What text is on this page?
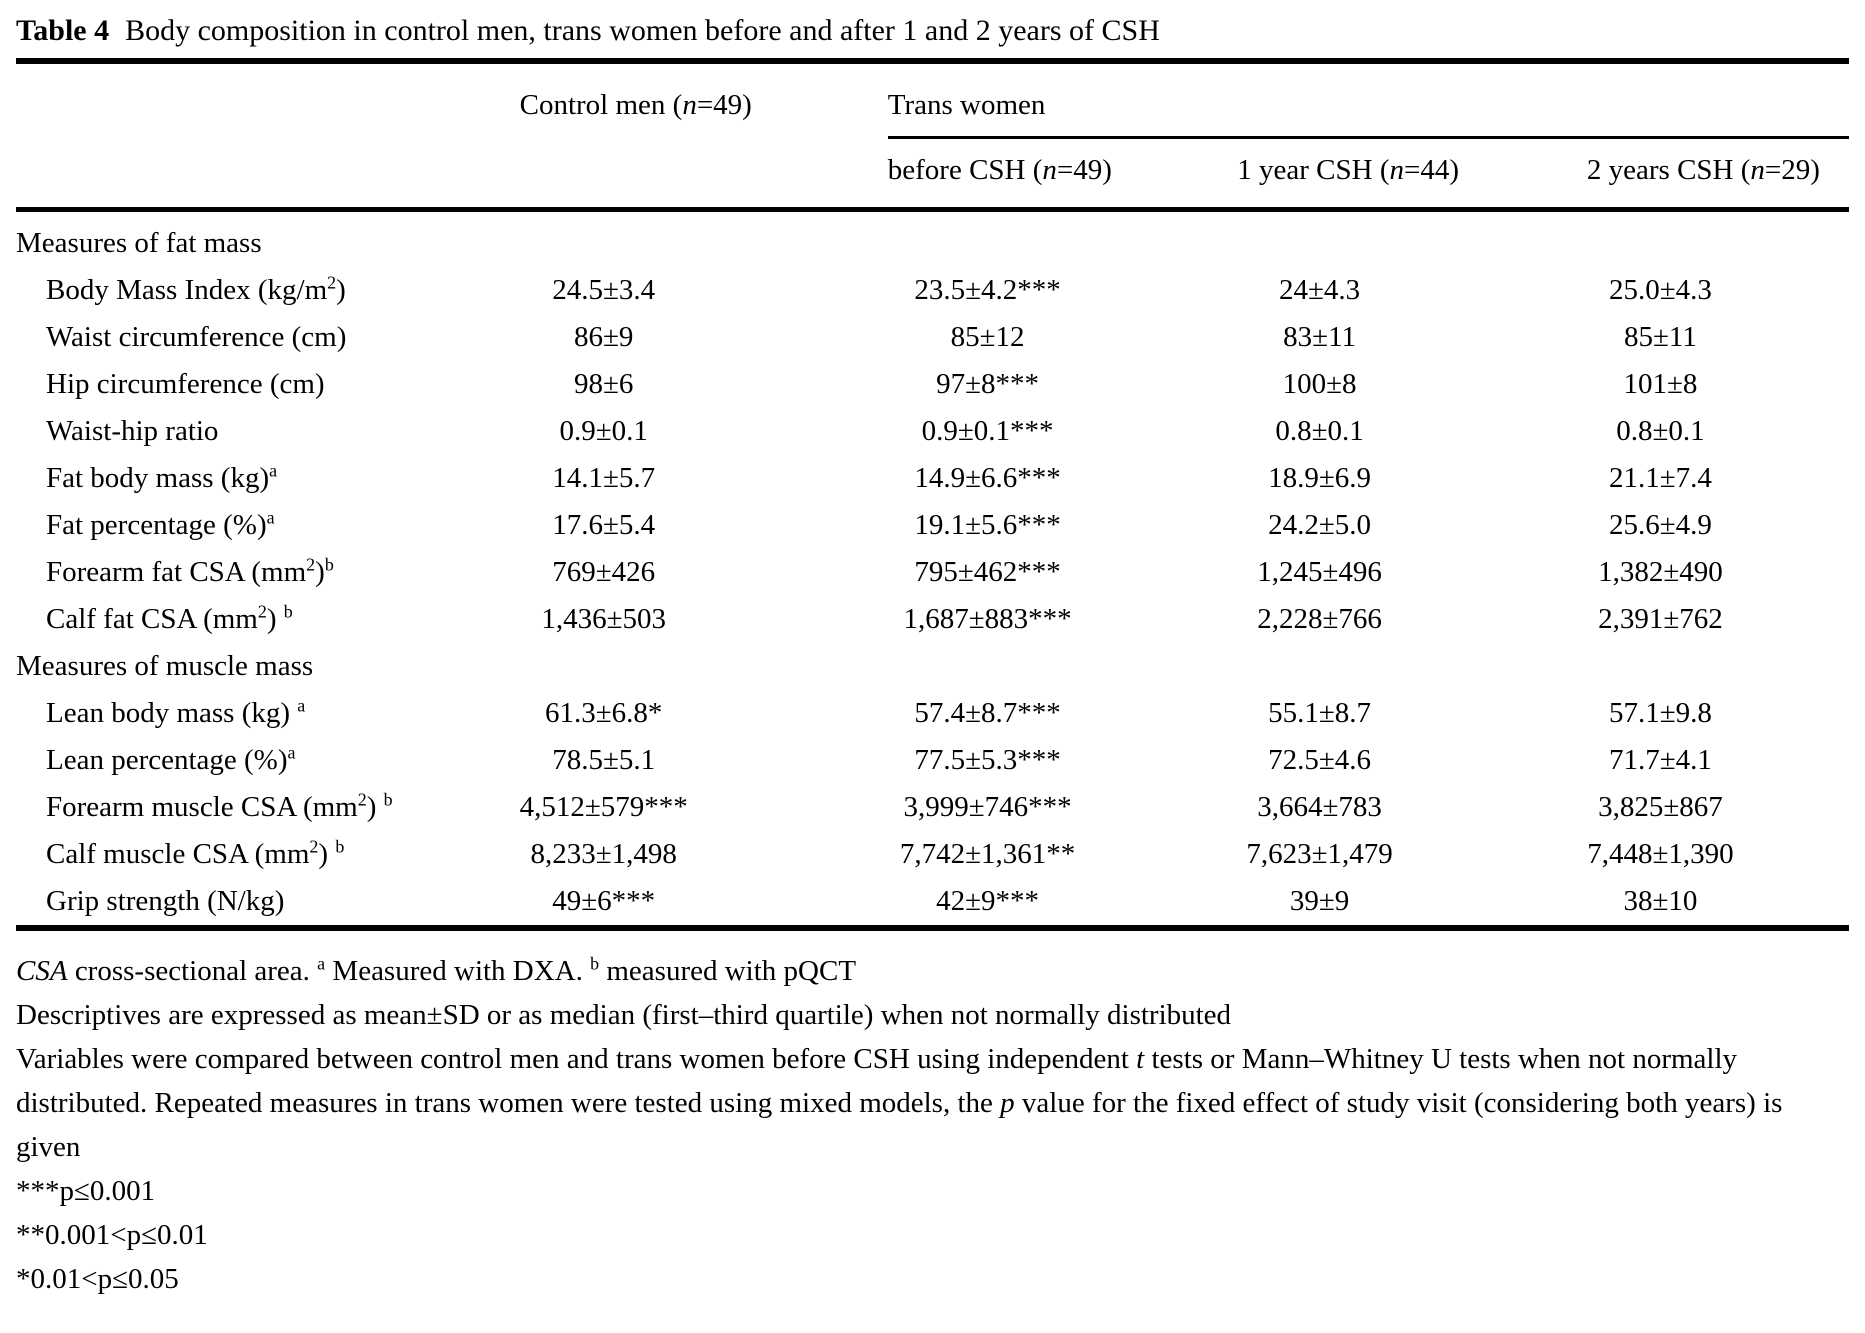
Table 4 Body composition in control men, trans women before and after 1 and 2 years of CSH

	Control men (n=49)	Trans women		
		before CSH (n=49)	1 year CSH (n=44)	2 years CSH (n=29)
Measures of fat mass				
Body Mass Index $(kg/m^2)$	24.5±3.4	23.5±4.2***	24±4.3	25.0±4.3
Waist circumference (cm)	86±9	85±12	83±11	85±11
Hip circumference (cm)	98±6	97±8***	100±8	101±8
Waist-hip ratio	0.9±0.1	0.9±0.1***	0.8±0.1	0.8±0.1
Fat body mass (kg)$^a$	14.1±5.7	14.9±6.6***	18.9±6.9	21.1±7.4
Fat percentage (%)$^a$	17.6±5.4	19.1±5.6***	24.2±5.0	25.6±4.9
Forearm fat CSA $(mm^2)^b$	769±426	795±462***	1,245±496	1,382±490
Calf fat CSA $(mm^2)$ $^b$	1,436±503	1,687±883***	2,228±766	2,391±762
Measures of muscle mass				
Lean body mass (kg) $^a$	61.3±6.8*	57.4±8.7***	55.1±8.7	57.1±9.8
Lean percentage (%)$^a$	78.5±5.1	77.5±5.3***	72.5±4.6	71.7±4.1
Forearm muscle CSA $(mm^2)$ $^b$	4,512±579***	3,999±746***	3,664±783	3,825±867
Calf muscle CSA $(mm^2)$ $^b$	8,233±1,498	7,742±1,361**	7,623±1,479	7,448±1,390
Grip strength (N/kg)	49±6***	42±9***	39±9	38±10

CSA cross-sectional area. $^a$ Measured with DXA. $^b$ measured with pQCT

Descriptives are expressed as mean±SD or as median (first–third quartile) when not normally distributed

Variables were compared between control men and trans women before CSH using independent t tests or Mann–Whitney U tests when not normally distributed. Repeated measures in trans women were tested using mixed models, the p value for the fixed effect of study visit (considering both years) is given

***p≤0.001

**0.001<p≤0.01

*0.01<p≤0.05
